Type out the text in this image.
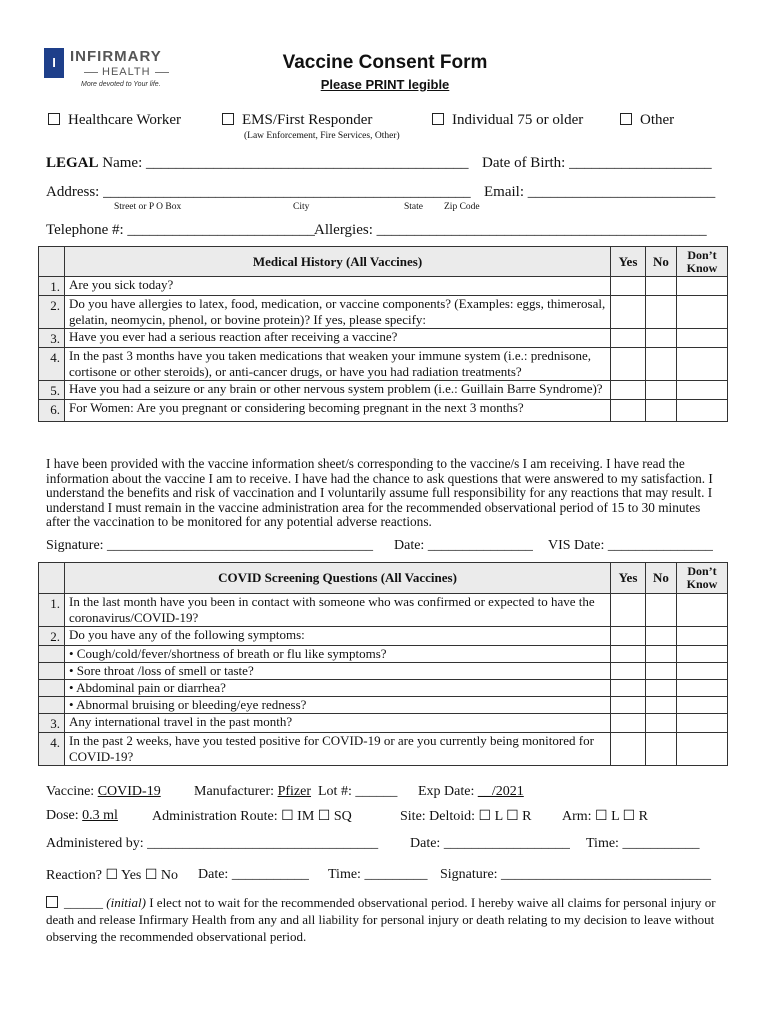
I INFIRMARY
HEALTH
More devoted to Your life.
Vaccine Consent Form
Please PRINT legible
Healthcare Worker	EMS/First Responder
(Law Enforcement, Fire Services, Other)
Individual 75 or older	Other
LEGAL Name: ___________________________________________ Date of Birth: ___________________
Address: _________________________________________________ Email: _________________________
Street or P O Box	City	State Zip Code
Telephone #: _________________________ Allergies: ____________________________________________
	Medical History (All Vaccines)	Yes	No	Don’t
Know

1.	Are you sick today?			
2.	Do you have allergies to latex, food, medication, or vaccine components? (Examples: eggs, thimerosal, gelatin, neomycin, phenol, or bovine protein)? If yes, please specify:			
3.	Have you ever had a serious reaction after receiving a vaccine?			
4.	In the past 3 months have you taken medications that weaken your immune system (i.e.: prednisone, cortisone or other steroids), or anti-cancer drugs, or have you had radiation treatments?			
5.	Have you had a seizure or any brain or other nervous system problem (i.e.: Guillain Barre Syndrome)?			
6.	For Women: Are you pregnant or considering becoming pregnant in the next 3 months?			
I have been provided with the vaccine information sheet/s corresponding to the vaccine/s I am receiving. I have read the information about the vaccine I am to receive. I have had the chance to ask questions that were answered to my satisfaction. I understand the benefits and risk of vaccination and I voluntarily assume full responsibility for any reactions that may result. I understand I must remain in the vaccine administration area for the recommended observational period of 15 to 30 minutes after the vaccination to be monitored for any potential adverse reactions.
Signature: ______________________________________ Date: _______________ VIS Date: _______________
	COVID Screening Questions (All Vaccines)	Yes	No	Don’t
Know

1.	In the last month have you been in contact with someone who was confirmed or expected to have the coronavirus/COVID-19?			
2.	Do you have any of the following symptoms:			
	• Cough/cold/fever/shortness of breath or flu like symptoms?			
	• Sore throat /loss of smell or taste?			
	• Abdominal pain or diarrhea?			
	• Abnormal bruising or bleeding/eye redness?			
3.	Any international travel in the past month?			
4.	In the past 2 weeks, have you tested positive for COVID-19 or are you currently being monitored for COVID-19?			
Vaccine: COVID-19 Manufacturer: Pfizer Lot #: ______ Exp Date: __/2021
Dose: 0.3 ml Administration Route: ☐ IM ☐ SQ	Site: Deltoid: ☐ L ☐ R Arm: ☐ L ☐ R
Administered by: _________________________________ Date: __________________ Time: ___________
Reaction? ☐ Yes ☐ No Date: ___________ Time: _________ Signature: ______________________________
______ (initial) I elect not to wait for the recommended observational period. I hereby waive all claims for personal injury or death and release Infirmary Health from any and all liability for personal injury or death relating to my decision to leave without observing the recommended observational period.
